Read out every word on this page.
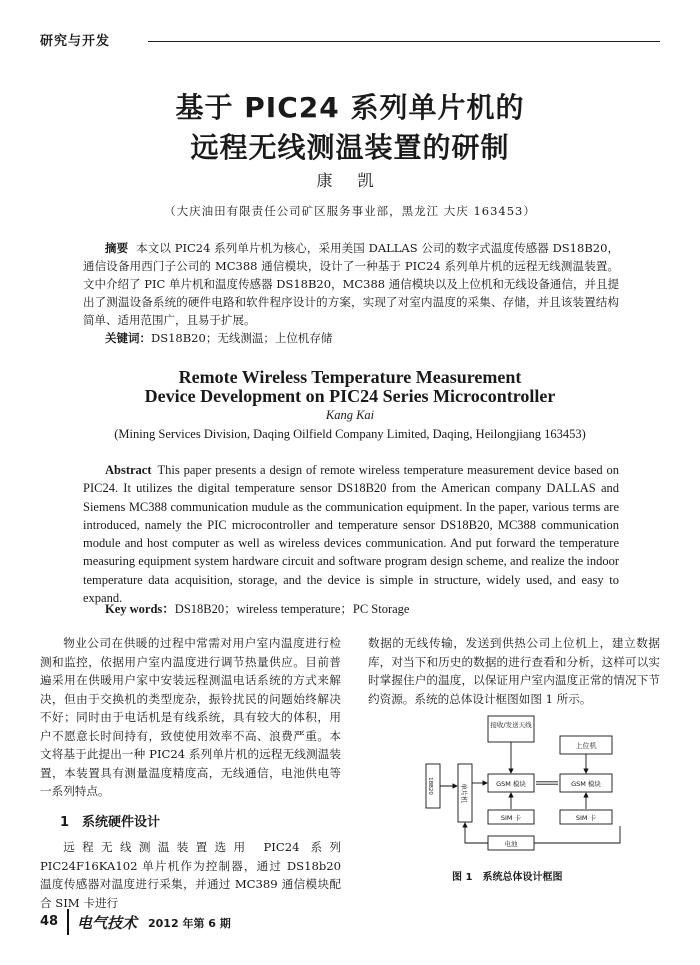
研究与开发
基于 PIC24 系列单片机的
远程无线测温装置的研制
康 凯
（大庆油田有限责任公司矿区服务事业部，黑龙江 大庆 163453）
摘要 本文以 PIC24 系列单片机为核心，采用美国 DALLAS 公司的数字式温度传感器 DS18B20，通信设备用西门子公司的 MC388 通信模块，设计了一种基于 PIC24 系列单片机的远程无线测温装置。文中介绍了 PIC 单片机和温度传感器 DS18B20，MC388 通信模块以及上位机和无线设备通信，并且提出了测温设备系统的硬件电路和软件程序设计的方案，实现了对室内温度的采集、存储，并且该装置结构简单、适用范围广，且易于扩展。
关键词：DS18B20；无线测温；上位机存储
Remote Wireless Temperature Measurement
Device Development on PIC24 Series Microcontroller
Kang Kai
(Mining Services Division, Daqing Oilfield Company Limited, Daqing, Heilongjiang 163453)
Abstract This paper presents a design of remote wireless temperature measurement device based on PIC24. It utilizes the digital temperature sensor DS18B20 from the American company DALLAS and Siemens MC388 communication mudule as the communication equipment. In the paper, various terms are introduced, namely the PIC microcontroller and temperature sensor DS18B20, MC388 communication module and host computer as well as wireless devices communication. And put forward the temperature measuring equipment system hardware circuit and software program design scheme, and realize the indoor temperature data acquisition, storage, and the device is simple in structure, widely used, and easy to expand.
Key words：DS18B20；wireless temperature；PC Storage
物业公司在供暖的过程中常需对用户室内温度进行检测和监控，依据用户室内温度进行调节热量供应。目前普遍采用在供暖用户家中安装远程测温电话系统的方式来解决，但由于交换机的类型庞杂，振铃扰民的问题始终解决不好；同时由于电话机是有线系统，具有较大的体积，用户不愿意长时间持有，致使使用效率不高、浪费严重。本文将基于此提出一种 PIC24 系列单片机的远程无线测温装置，本装置具有测量温度精度高，无线通信，电池供电等一系列特点。
1　系统硬件设计
远程无线测温装置选用 PIC24 系列 PIC24F16KA102 单片机作为控制器，通过 DS18b20 温度传感器对温度进行采集，并通过 MC389 通信模块配合 SIM 卡进行
数据的无线传输，发送到供热公司上位机上，建立数据库，对当下和历史的数据的进行查看和分析，这样可以实时掌握住户的温度，以保证用户室内温度正常的情况下节约资源。系统的总体设计框图如图 1 所示。
接收/发送天线
上位机
18B20	单片机	GSM 模块	GSM 模块
SIM 卡	SIM 卡
电池
图 1　系统总体设计框图
48 电气技术 2012 年第 6 期
